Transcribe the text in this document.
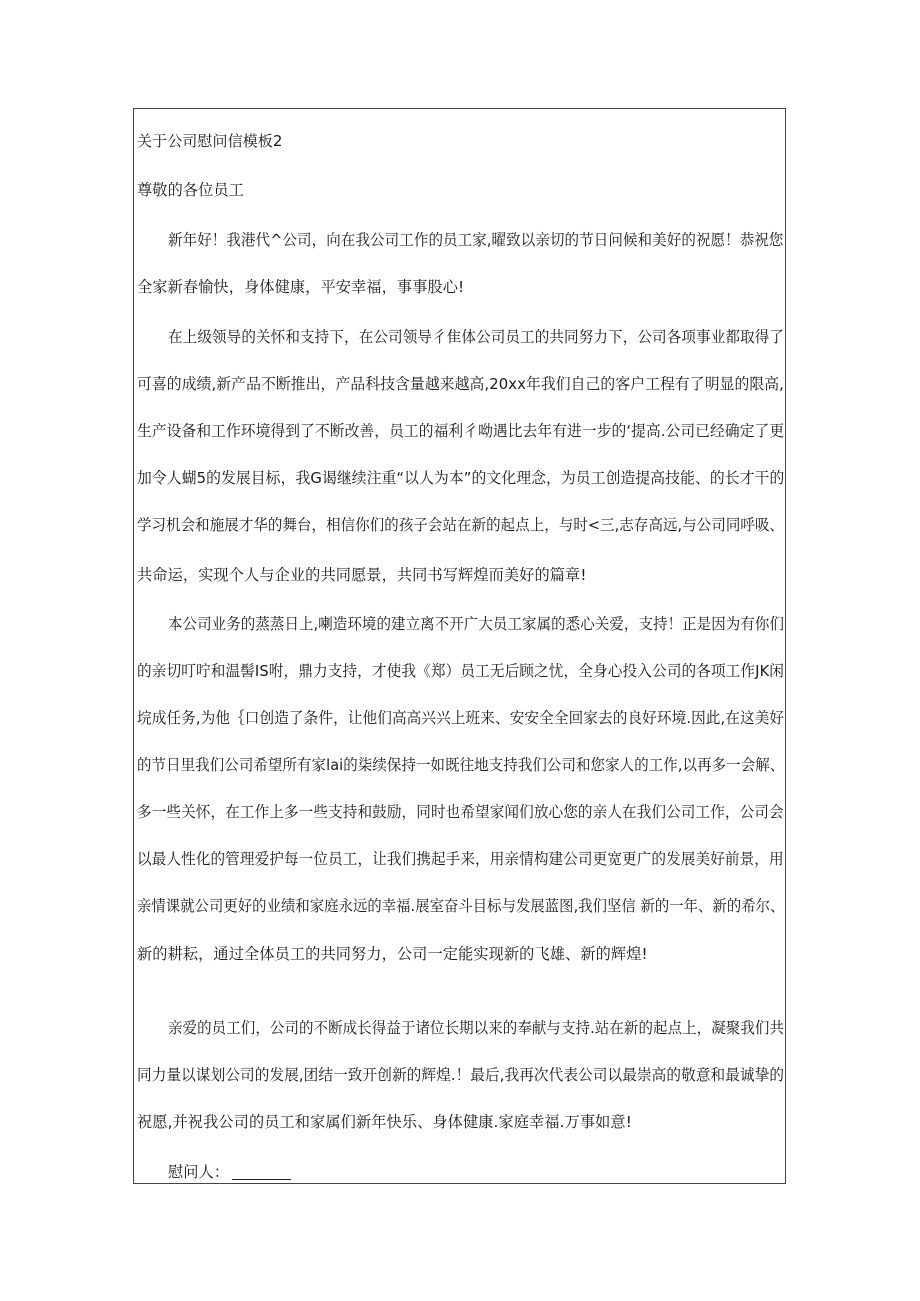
关于公司慰问信模板2
尊敬的各位员工
新年好！我港代^公司，向在我公司工作的员工家,曜致以亲切的节日问候和美好的祝愿！恭祝您
全家新春愉快，身体健康，平安幸福，事事股心!
在上级领导的关怀和支持下，在公司领导彳隹体公司员工的共同努力下，公司各项事业都取得了
可喜的成绩,新产品不断推出，产品科技含量越来越高,20xx年我们自己的客户工程有了明显的限高,
生产设备和工作环境得到了不断改善，员工的福利彳呦遇比去年有进一步的‘提高.公司已经确定了更
加令人蝴5的发展目标，我G谒继续注重“以人为本”的文化理念，为员工创造提高技能、的长才干的
学习机会和施展才华的舞台，相信你们的孩子会站在新的起点上，与时<三,志存高远,与公司同呼吸、
共命运，实现个人与企业的共同愿景，共同书写辉煌而美好的篇章!
本公司业务的蒸蒸日上,喇造环境的建立离不开广大员工家属的悉心关爱，支持！正是因为有你们
的亲切叮咛和温髻IS咐，鼎力支持，才使我《郑）员工无后顾之忧，全身心投入公司的各项工作JK闲
垸成任务,为他｛口创造了条件，让他们高高兴兴上班来、安安全全回家去的良好环境.因此,在这美好
的节日里我们公司希望所有家lai的柒续保持一如既往地支持我们公司和您家人的工作,以再多一会解、
多一些关怀，在工作上多一些支持和鼓励，同时也希望家闻们放心您的亲人在我们公司工作，公司会
以最人性化的管理爱护每一位员工，让我们携起手来，用亲情构建公司更宽更广的发展美好前景，用
亲情课就公司更好的业绩和家庭永远的幸福.展室奋斗目标与发展蓝图,我们坚信 新的一年、新的希尔、
新的耕耘，通过全体员工的共同努力，公司一定能实现新的飞雄、新的辉煌!
亲爱的员工们，公司的不断成长得益于诸位长期以来的奉献与支持.站在新的起点上，凝聚我们共
同力量以谋划公司的发展,团结一致开创新的辉煌.！最后,我再次代表公司以最崇高的敬意和最诚挚的
祝愿,并祝我公司的员工和家属们新年快乐、身体健康.家庭幸福.万事如意!
慰问人：
